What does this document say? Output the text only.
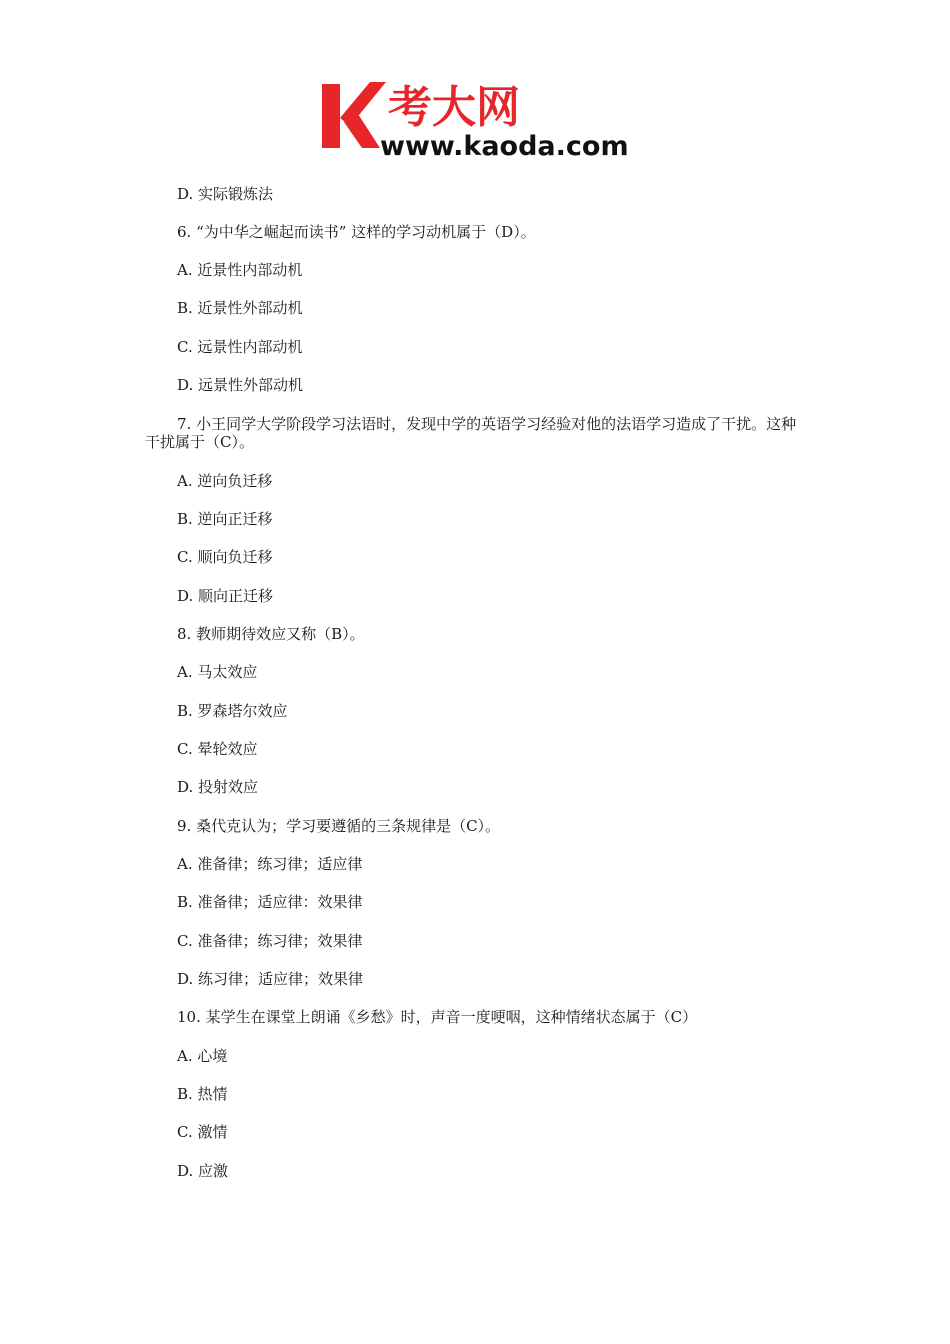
考大网
www.kaoda.com
D. 实际锻炼法
6. “为中华之崛起而读书” 这样的学习动机属于（D）。
A. 近景性内部动机
B. 近景性外部动机
C. 远景性内部动机
D. 远景性外部动机
7. 小王同学大学阶段学习法语时，发现中学的英语学习经验对他的法语学习造成了干扰。这种干扰属于（C）。
A. 逆向负迁移
B. 逆向正迁移
C. 顺向负迁移
D. 顺向正迁移
8. 教师期待效应又称（B）。
A. 马太效应
B. 罗森塔尔效应
C. 晕轮效应
D. 投射效应
9. 桑代克认为；学习要遵循的三条规律是（C）。
A. 准备律；练习律；适应律
B. 准备律；适应律：效果律
C. 准备律；练习律；效果律
D. 练习律；适应律；效果律
10. 某学生在课堂上朗诵《乡愁》时，声音一度哽咽，这种情绪状态属于（C）
A. 心境
B. 热情
C. 激情
D. 应激
